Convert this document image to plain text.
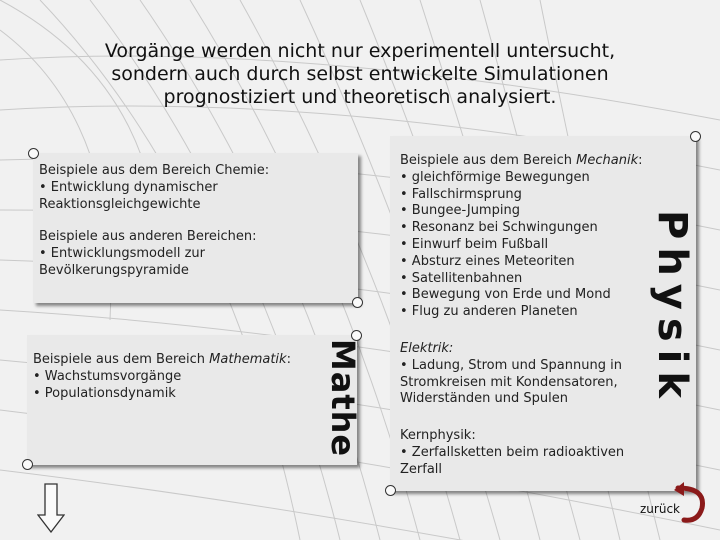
Vorgänge werden nicht nur experimentell untersucht,
sondern auch durch selbst entwickelte Simulationen
prognostiziert und theoretisch analysiert.

Beispiele aus dem Bereich Chemie:

• Entwicklung dynamischer Reaktionsgleichgewichte

Beispiele aus anderen Bereichen:

• Entwicklungsmodell zur Bevölkerungspyramide

Beispiele aus dem Bereich Mathematik:

• Wachstumsvorgänge

• Populationsdynamik	Mathe

Beispiele aus dem Bereich Mechanik:

• gleichförmige Bewegungen

• Fallschirmsprung

• Bungee-Jumping

• Resonanz bei Schwingungen

• Einwurf beim Fußball

• Absturz eines Meteoriten

• Satellitenbahnen

• Bewegung von Erde und Mond

• Flug zu anderen Planeten

Elektrik:

• Ladung, Strom und Spannung in Stromkreisen mit Kondensatoren, Widerständen und Spulen

Kernphysik:

• Zerfallsketten beim radioaktiven Zerfall

Physik
zurück
